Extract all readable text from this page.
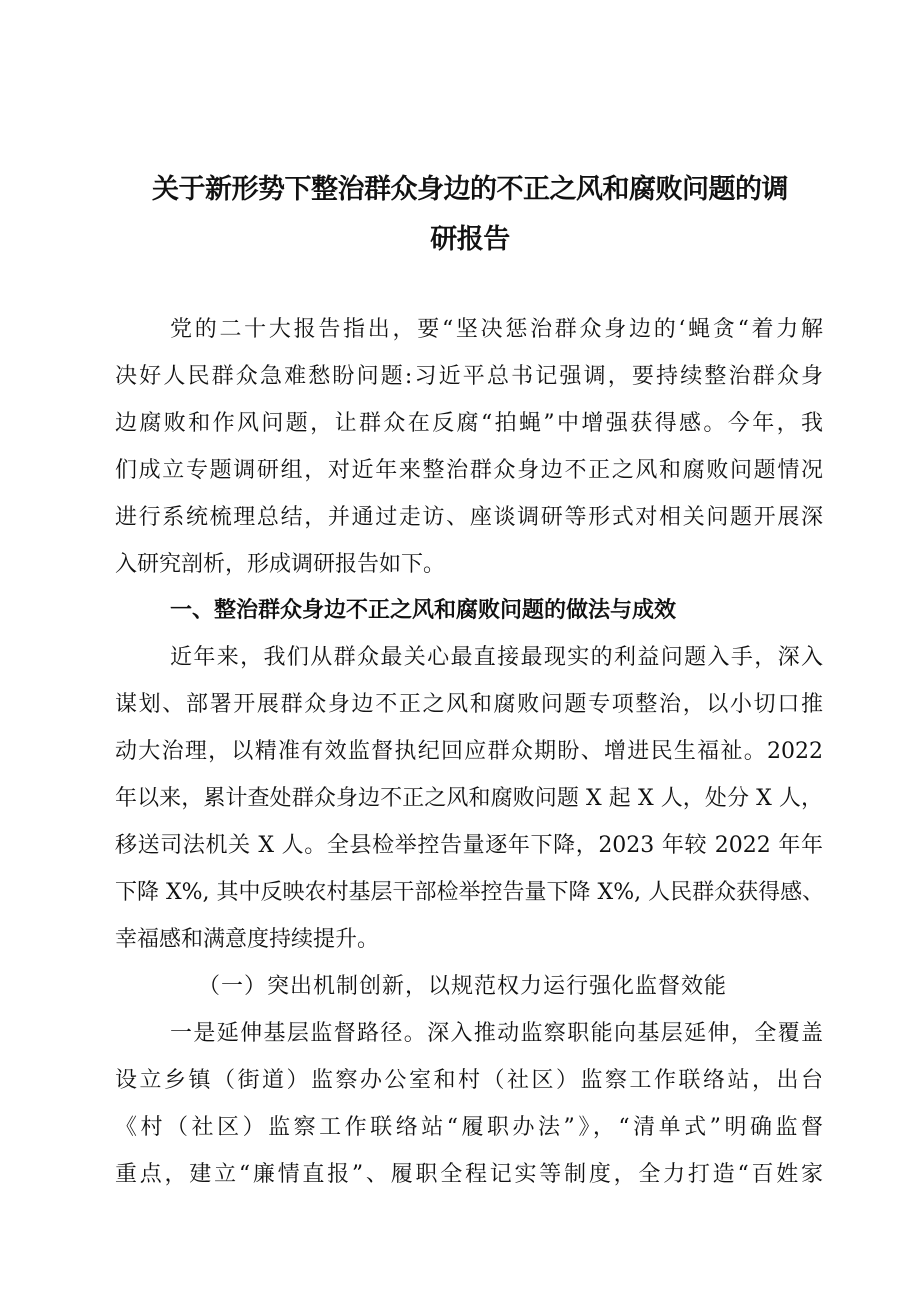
关于新形势下整治群众身边的不正之风和腐败问题的调
研报告
党的二十大报告指出，要“坚决惩治群众身边的‘蝇贪“着力解
决好人民群众急难愁盼问题:习近平总书记强调，要持续整治群众身
边腐败和作风问题，让群众在反腐“拍蝇”中增强获得感。今年，我
们成立专题调研组，对近年来整治群众身边不正之风和腐败问题情况
进行系统梳理总结，并通过走访、座谈调研等形式对相关问题开展深
入研究剖析，形成调研报告如下。
一、整治群众身边不正之风和腐败问题的做法与成效
近年来，我们从群众最关心最直接最现实的利益问题入手，深入
谋划、部署开展群众身边不正之风和腐败问题专项整治，以小切口推
动大治理，以精准有效监督执纪回应群众期盼、增进民生福祉。2022
年以来，累计查处群众身边不正之风和腐败问题 X 起 X 人，处分 X 人，
移送司法机关 X 人。全县检举控告量逐年下降，2023 年较 2022 年年
下降 X%, 其中反映农村基层干部检举控告量下降 X%, 人民群众获得感、
幸福感和满意度持续提升。
（一）突出机制创新，以规范权力运行强化监督效能
一是延伸基层监督路径。深入推动监察职能向基层延伸，全覆盖
设立乡镇（街道）监察办公室和村（社区）监察工作联络站，出台
《村（社区）监察工作联络站“履职办法”》，“清单式”明确监督
重点，建立“廉情直报”、履职全程记实等制度，全力打造“百姓家
